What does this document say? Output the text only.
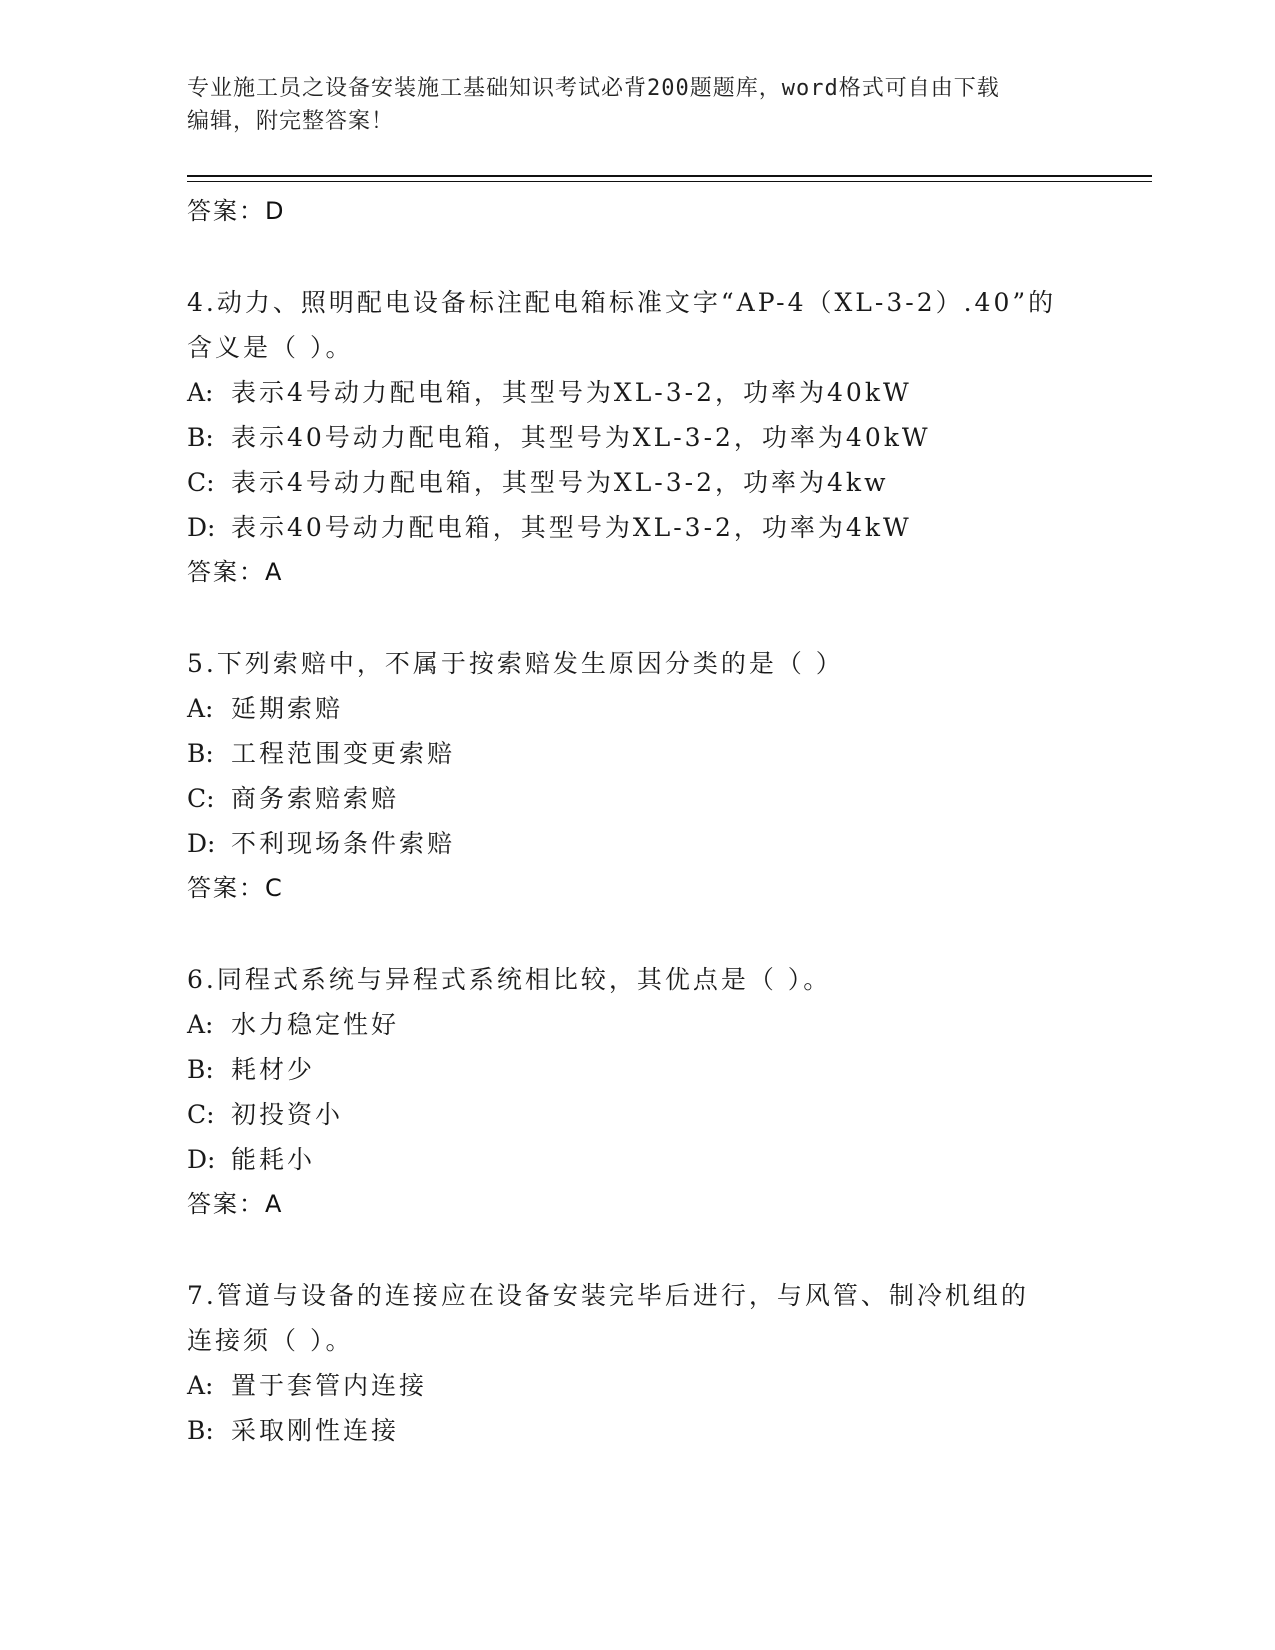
专业施工员之设备安装施工基础知识考试必背200题题库，word格式可自由下载
编辑，附完整答案！
答案：D
4.动力、照明配电设备标注配电箱标准文字“AP-4（XL-3-2）.40”的
含义是（ ）。
A: 表示4号动力配电箱，其型号为XL-3-2，功率为40kW
B: 表示40号动力配电箱，其型号为XL-3-2，功率为40kW
C: 表示4号动力配电箱，其型号为XL-3-2，功率为4kw
D: 表示40号动力配电箱，其型号为XL-3-2，功率为4kW
答案：A
5.下列索赔中，不属于按索赔发生原因分类的是（ ）
A: 延期索赔
B: 工程范围变更索赔
C: 商务索赔索赔
D: 不利现场条件索赔
答案：C
6.同程式系统与异程式系统相比较，其优点是（ ）。
A: 水力稳定性好
B: 耗材少
C: 初投资小
D: 能耗小
答案：A
7.管道与设备的连接应在设备安装完毕后进行，与风管、制冷机组的
连接须（ ）。
A: 置于套管内连接
B: 采取刚性连接
